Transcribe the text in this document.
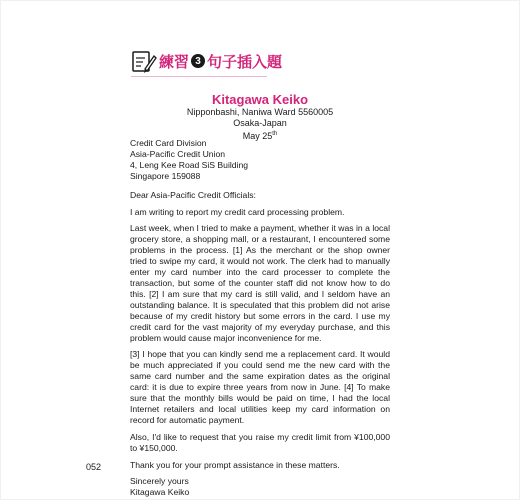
練習 3 句子插入題
Kitagawa Keiko
Nipponbashi, Naniwa Ward 5560005
Osaka-Japan
May 25th
Credit Card Division
Asia-Pacific Credit Union
4, Leng Kee Road SiS Building
Singapore 159088

Dear Asia-Pacific Credit Officials:

I am writing to report my credit card processing problem.

Last week, when I tried to make a payment, whether it was in a local grocery store, a shopping mall, or a restaurant, I encountered some problems in the process. [1] As the merchant or the shop owner tried to swipe my card, it would not work. The clerk had to manually enter my card number into the card processer to complete the transaction, but some of the counter staff did not know how to do this. [2] I am sure that my card is still valid, and I seldom have an outstanding balance. It is speculated that this problem did not arise because of my credit history but some errors in the card. I use my credit card for the vast majority of my everyday purchase, and this problem would cause major inconvenience for me.

[3] I hope that you can kindly send me a replacement card. It would be much appreciated if you could send me the new card with the same card number and the same expiration dates as the original card: it is due to expire three years from now in June. [4] To make sure that the monthly bills would be paid on time, I had the local Internet retailers and local utilities keep my card information on record for automatic payment.

Also, I'd like to request that you raise my credit limit from ¥100,000 to ¥150,000.

Thank you for your prompt assistance in these matters.

Sincerely yours
Kitagawa Keiko
052
